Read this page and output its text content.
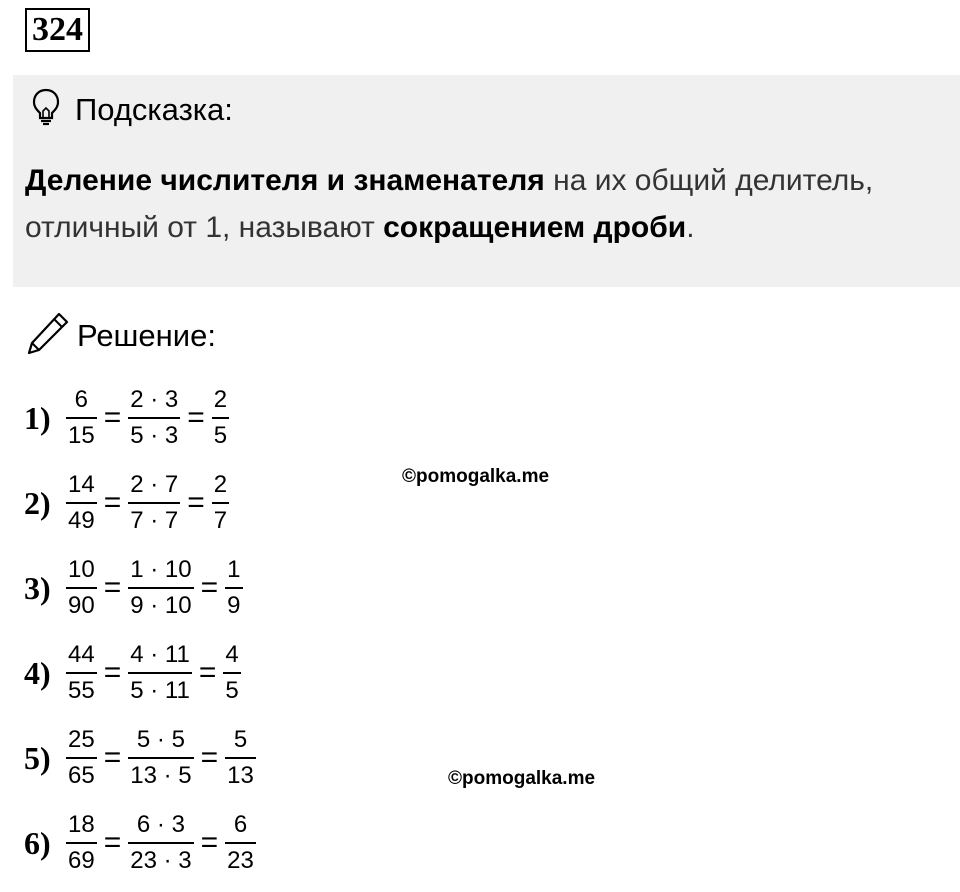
324
Подсказка:
Деление числителя и знаменателя на их общий делитель, отличный от 1, называют сокращением дроби.
Решение:
©pomogalka.me
©pomogalka.me
$1) \frac{6}{15} = \frac{2 \cdot 3}{5 \cdot 3} = \frac{2}{5}$
$2) \frac{14}{49} = \frac{2 \cdot 7}{7 \cdot 7} = \frac{2}{7}$
$3) \frac{10}{90} = \frac{1 \cdot 10}{9 \cdot 10} = \frac{1}{9}$
$4) \frac{44}{55} = \frac{4 \cdot 11}{5 \cdot 11} = \frac{4}{5}$
$5) \frac{25}{65} = \frac{5 \cdot 5}{13 \cdot 5} = \frac{5}{13}$
$6) \frac{18}{69} = \frac{6 \cdot 3}{23 \cdot 3} = \frac{6}{23}$
